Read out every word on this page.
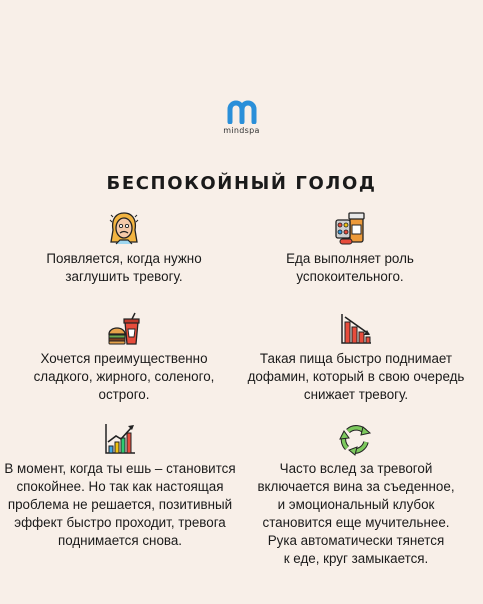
mindspa
БЕСПОКОЙНЫЙ ГОЛОД
Появляется, когда нужно
заглушить тревогу.
Еда выполняет роль
успокоительного.
Хочется преимущественно
сладкого, жирного, соленого,
острого.
Такая пища быстро поднимает
дофамин, который в свою очередь
снижает тревогу.
В момент, когда ты ешь – становится
спокойнее. Но так как настоящая
проблема не решается, позитивный
эффект быстро проходит, тревога
поднимается снова.
Часто вслед за тревогой
включается вина за съеденное,
и эмоциональный клубок
становится еще мучительнее.
Рука автоматически тянется
к еде, круг замыкается.
